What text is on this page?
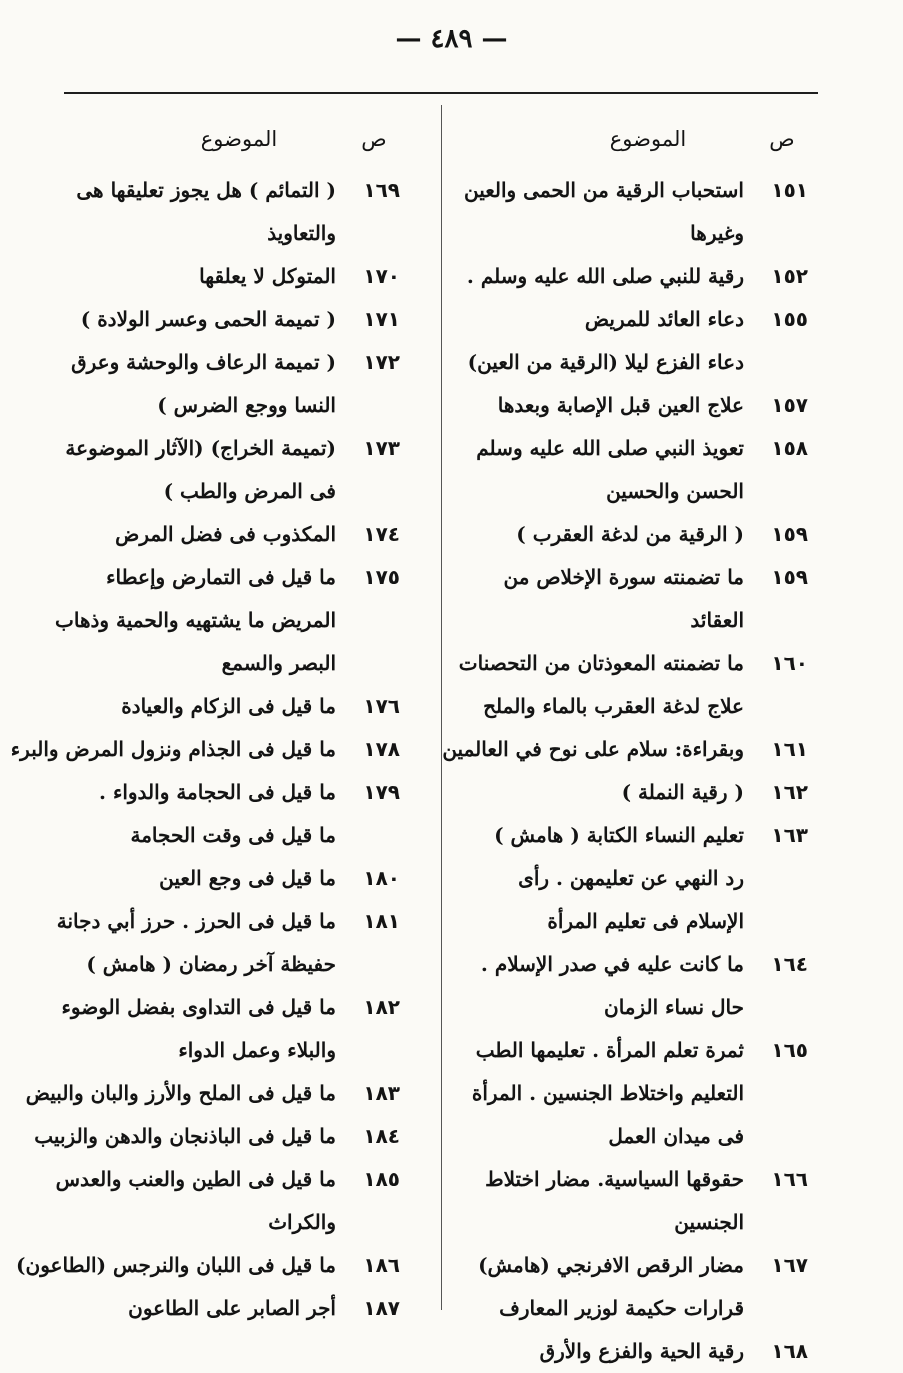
— ٤٨٩ —
ص
الموضوع
١٥١
استحباب الرقية من الحمى والعين
وغيرها
١٥٢
رقية للنبي صلى الله عليه وسلم .
١٥٥
دعاء العائد للمريض
دعاء الفزع ليلا (الرقية من العين)
١٥٧
علاج العين قبل الإصابة وبعدها
١٥٨
تعويذ النبي صلى الله عليه وسلم
الحسن والحسين
١٥٩
( الرقية من لدغة العقرب )
١٥٩
ما تضمنته سورة الإخلاص من
العقائد
١٦٠
ما تضمنته المعوذتان من التحصنات
علاج لدغة العقرب بالماء والملح
١٦١
وبقراءة: سلام على نوح في العالمين
١٦٢
( رقية النملة )
١٦٣
تعليم النساء الكتابة ( هامش )
رد النهي عن تعليمهن . رأى
الإسلام فى تعليم المرأة
١٦٤
ما كانت عليه في صدر الإسلام .
حال نساء الزمان
١٦٥
ثمرة تعلم المرأة . تعليمها الطب
التعليم واختلاط الجنسين . المرأة
فى ميدان العمل
١٦٦
حقوقها السياسية. مضار اختلاط
الجنسين
١٦٧
مضار الرقص الافرنجي (هامش)
قرارات حكيمة لوزير المعارف
١٦٨
رقية الحية والفزع والأرق
ص
الموضوع
١٦٩
( التمائم ) هل يجوز تعليقها هى
والتعاويذ
١٧٠
المتوكل لا يعلقها
١٧١
( تميمة الحمى وعسر الولادة )
١٧٢
( تميمة الرعاف والوحشة وعرق
النسا ووجع الضرس )
١٧٣
(تميمة الخراج) (الآثار الموضوعة
فى المرض والطب )
١٧٤
المكذوب فى فضل المرض
١٧٥
ما قيل فى التمارض وإعطاء
المريض ما يشتهيه والحمية وذهاب
البصر والسمع
١٧٦
ما قيل فى الزكام والعيادة
١٧٨
ما قيل فى الجذام ونزول المرض والبرء
١٧٩
ما قيل فى الحجامة والدواء .
ما قيل فى وقت الحجامة
١٨٠
ما قيل فى وجع العين
١٨١
ما قيل فى الحرز . حرز أبي دجانة
حفيظة آخر رمضان ( هامش )
١٨٢
ما قيل فى التداوى بفضل الوضوء
والبلاء وعمل الدواء
١٨٣
ما قيل فى الملح والأرز والبان والبيض
١٨٤
ما قيل فى الباذنجان والدهن والزبيب
١٨٥
ما قيل فى الطين والعنب والعدس
والكراث
١٨٦
ما قيل فى اللبان والنرجس (الطاعون)
١٨٧
أجر الصابر على الطاعون
